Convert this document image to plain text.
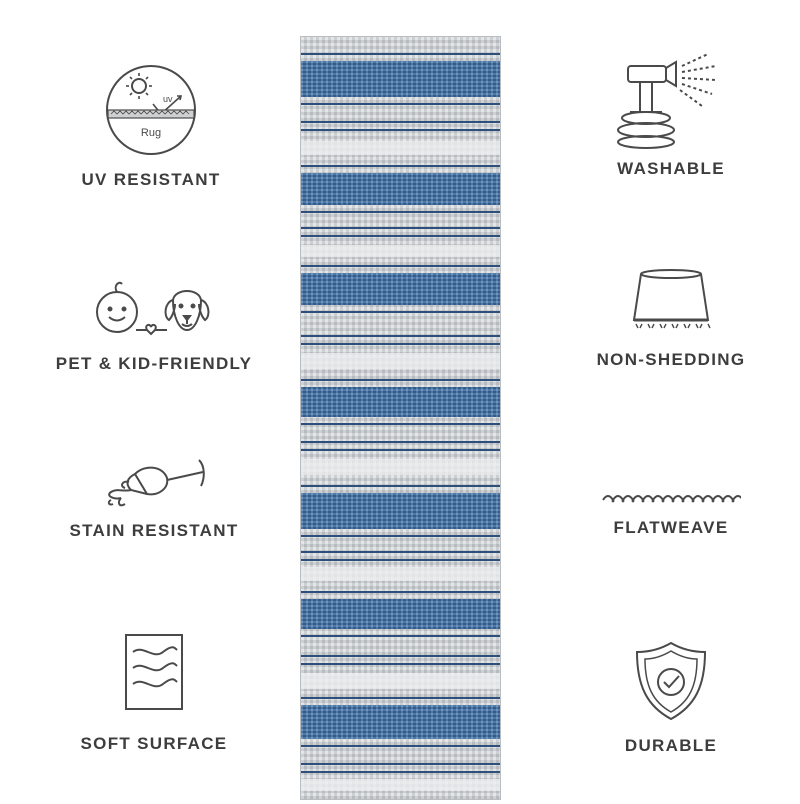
uv
Rug
UV RESISTANT
PET & KID-FRIENDLY
STAIN RESISTANT
SOFT SURFACE
WASHABLE
NON-SHEDDING
FLATWEAVE
DURABLE
